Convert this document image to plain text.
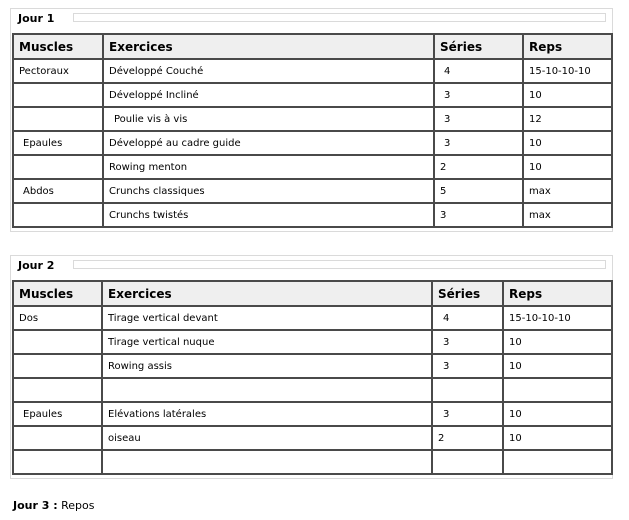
Jour 1
Muscles	Exercices	Séries	Reps
Pectoraux	Développé Couché	4	15-10-10-10
	Développé Incliné	3	10
	Poulie vis à vis	3	12
Epaules	Développé au cadre guide	3	10
	Rowing menton	2	10
Abdos	Crunchs classiques	5	max
	Crunchs twistés	3	max
Jour 2
Muscles	Exercices	Séries	Reps
Dos	Tirage vertical devant	4	15-10-10-10
	Tirage vertical nuque	3	10
	Rowing assis	3	10

Epaules	Elévations latérales	3	10
	oiseau	2	10

Jour 3 : Repos
